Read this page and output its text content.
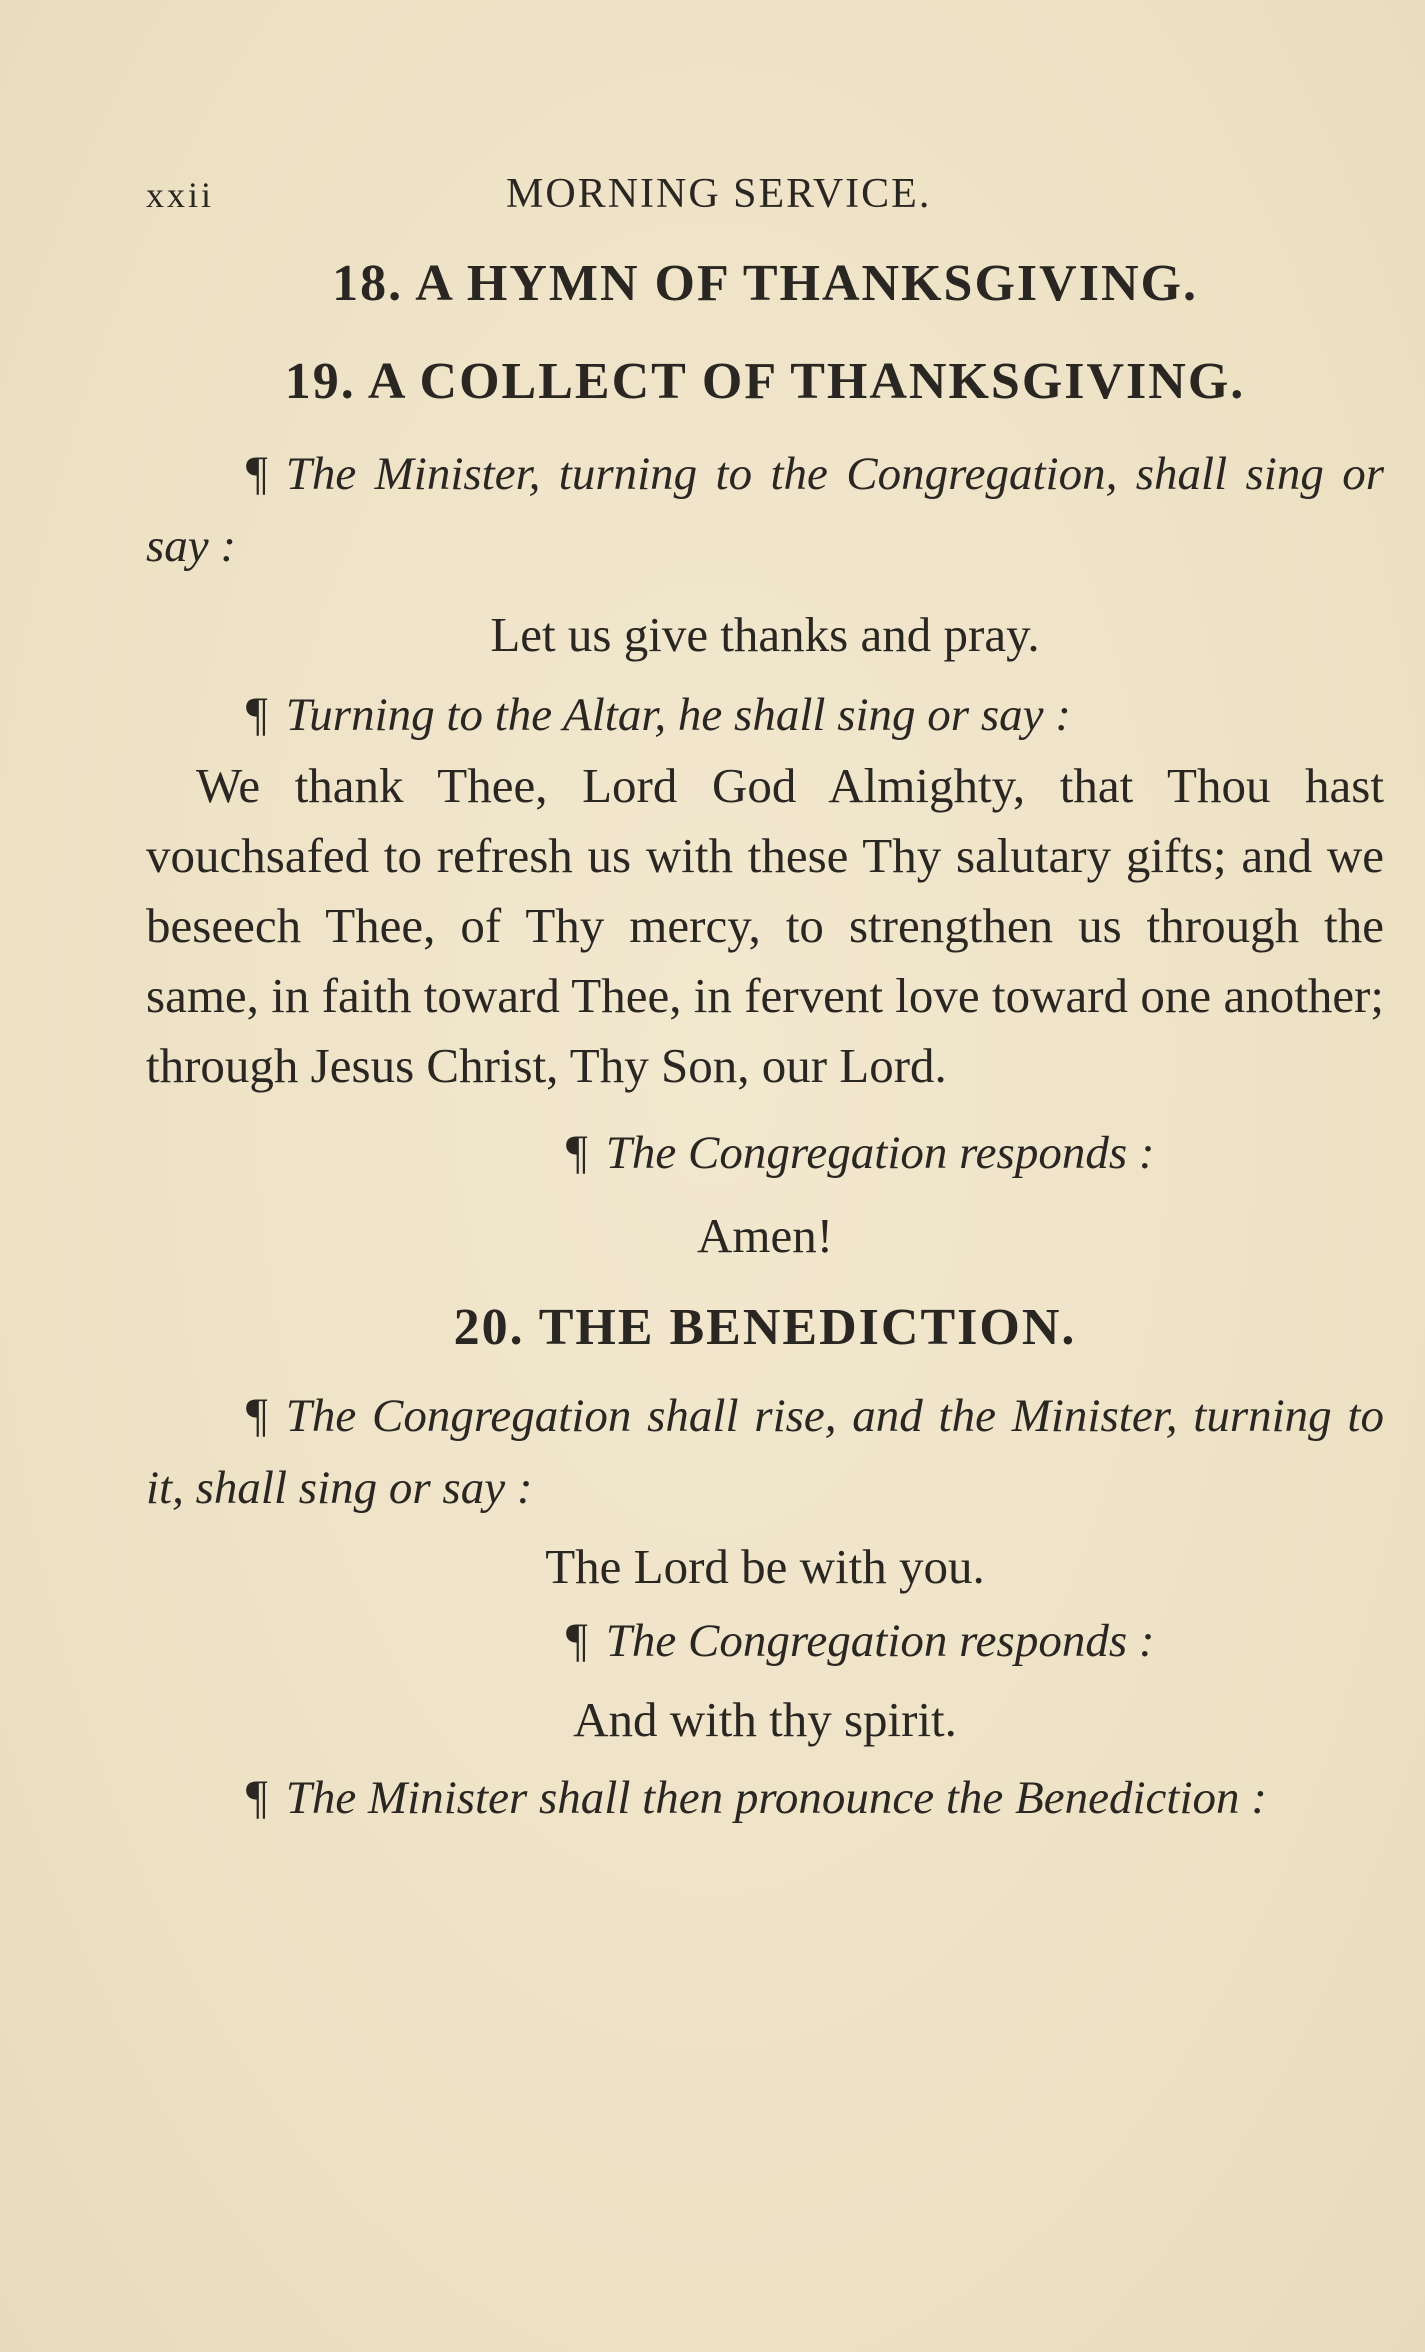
xxii	MORNING SERVICE.
18. A HYMN OF THANKSGIVING.
19. A COLLECT OF THANKSGIVING.

¶ The Minister, turning to the Congregation, shall sing or say :

Let us give thanks and pray.

¶ Turning to the Altar, he shall sing or say :

We thank Thee, Lord God Almighty, that Thou hast vouchsafed to refresh us with these Thy salutary gifts; and we beseech Thee, of Thy mercy, to strengthen us through the same, in faith toward Thee, in fervent love toward one another; through Jesus Christ, Thy Son, our Lord.

¶ The Congregation responds :

Amen!

20. THE BENEDICTION.

¶ The Congregation shall rise, and the Minister, turning to it, shall sing or say :

The Lord be with you.

¶ The Congregation responds :

And with thy spirit.

¶ The Minister shall then pronounce the Benediction :
